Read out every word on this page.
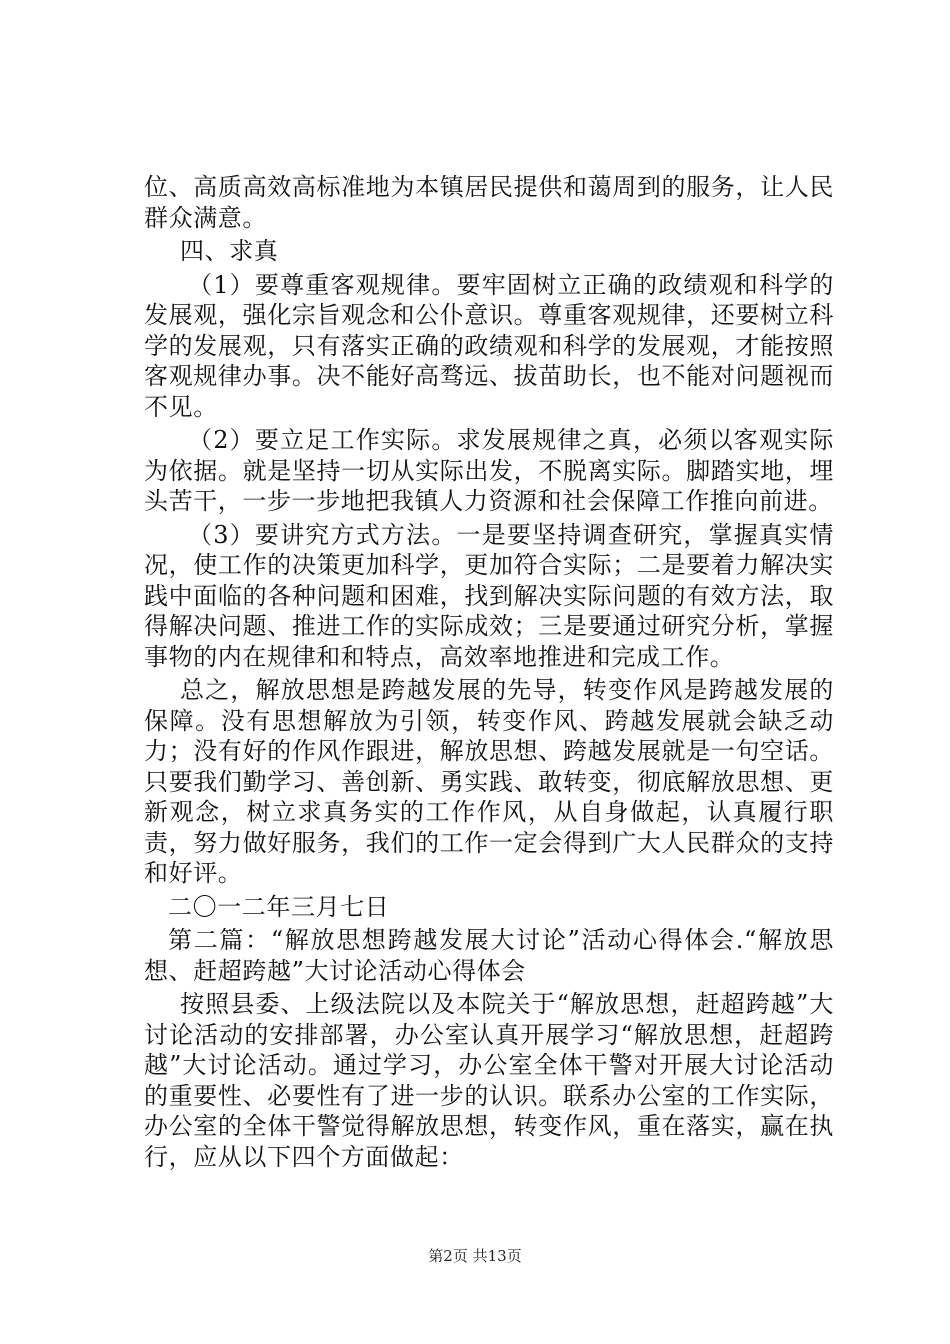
位、高质高效高标准地为本镇居民提供和蔼周到的服务，让人民群众满意。

四、求真

（1）要尊重客观规律。要牢固树立正确的政绩观和科学的发展观，强化宗旨观念和公仆意识。尊重客观规律，还要树立科学的发展观，只有落实正确的政绩观和科学的发展观，才能按照客观规律办事。决不能好高骛远、拔苗助长，也不能对问题视而不见。

（2）要立足工作实际。求发展规律之真，必须以客观实际为依据。就是坚持一切从实际出发，不脱离实际。脚踏实地，埋头苦干，一步一步地把我镇人力资源和社会保障工作推向前进。

（3）要讲究方式方法。一是要坚持调查研究，掌握真实情况，使工作的决策更加科学，更加符合实际；二是要着力解决实践中面临的各种问题和困难，找到解决实际问题的有效方法，取得解决问题、推进工作的实际成效；三是要通过研究分析，掌握事物的内在规律和和特点，高效率地推进和完成工作。

总之，解放思想是跨越发展的先导，转变作风是跨越发展的保障。没有思想解放为引领，转变作风、跨越发展就会缺乏动力；没有好的作风作跟进，解放思想、跨越发展就是一句空话。只要我们勤学习、善创新、勇实践、敢转变，彻底解放思想、更新观念，树立求真务实的工作作风，从自身做起，认真履行职责，努力做好服务，我们的工作一定会得到广大人民群众的支持和好评。

二〇一二年三月七日

第二篇：“解放思想跨越发展大讨论”活动心得体会.“解放思想、赶超跨越”大讨论活动心得体会

按照县委、上级法院以及本院关于“解放思想，赶超跨越”大讨论活动的安排部署，办公室认真开展学习“解放思想，赶超跨越”大讨论活动。通过学习，办公室全体干警对开展大讨论活动的重要性、必要性有了进一步的认识。联系办公室的工作实际，办公室的全体干警觉得解放思想，转变作风，重在落实，赢在执行，应从以下四个方面做起：

第2页 共13页
